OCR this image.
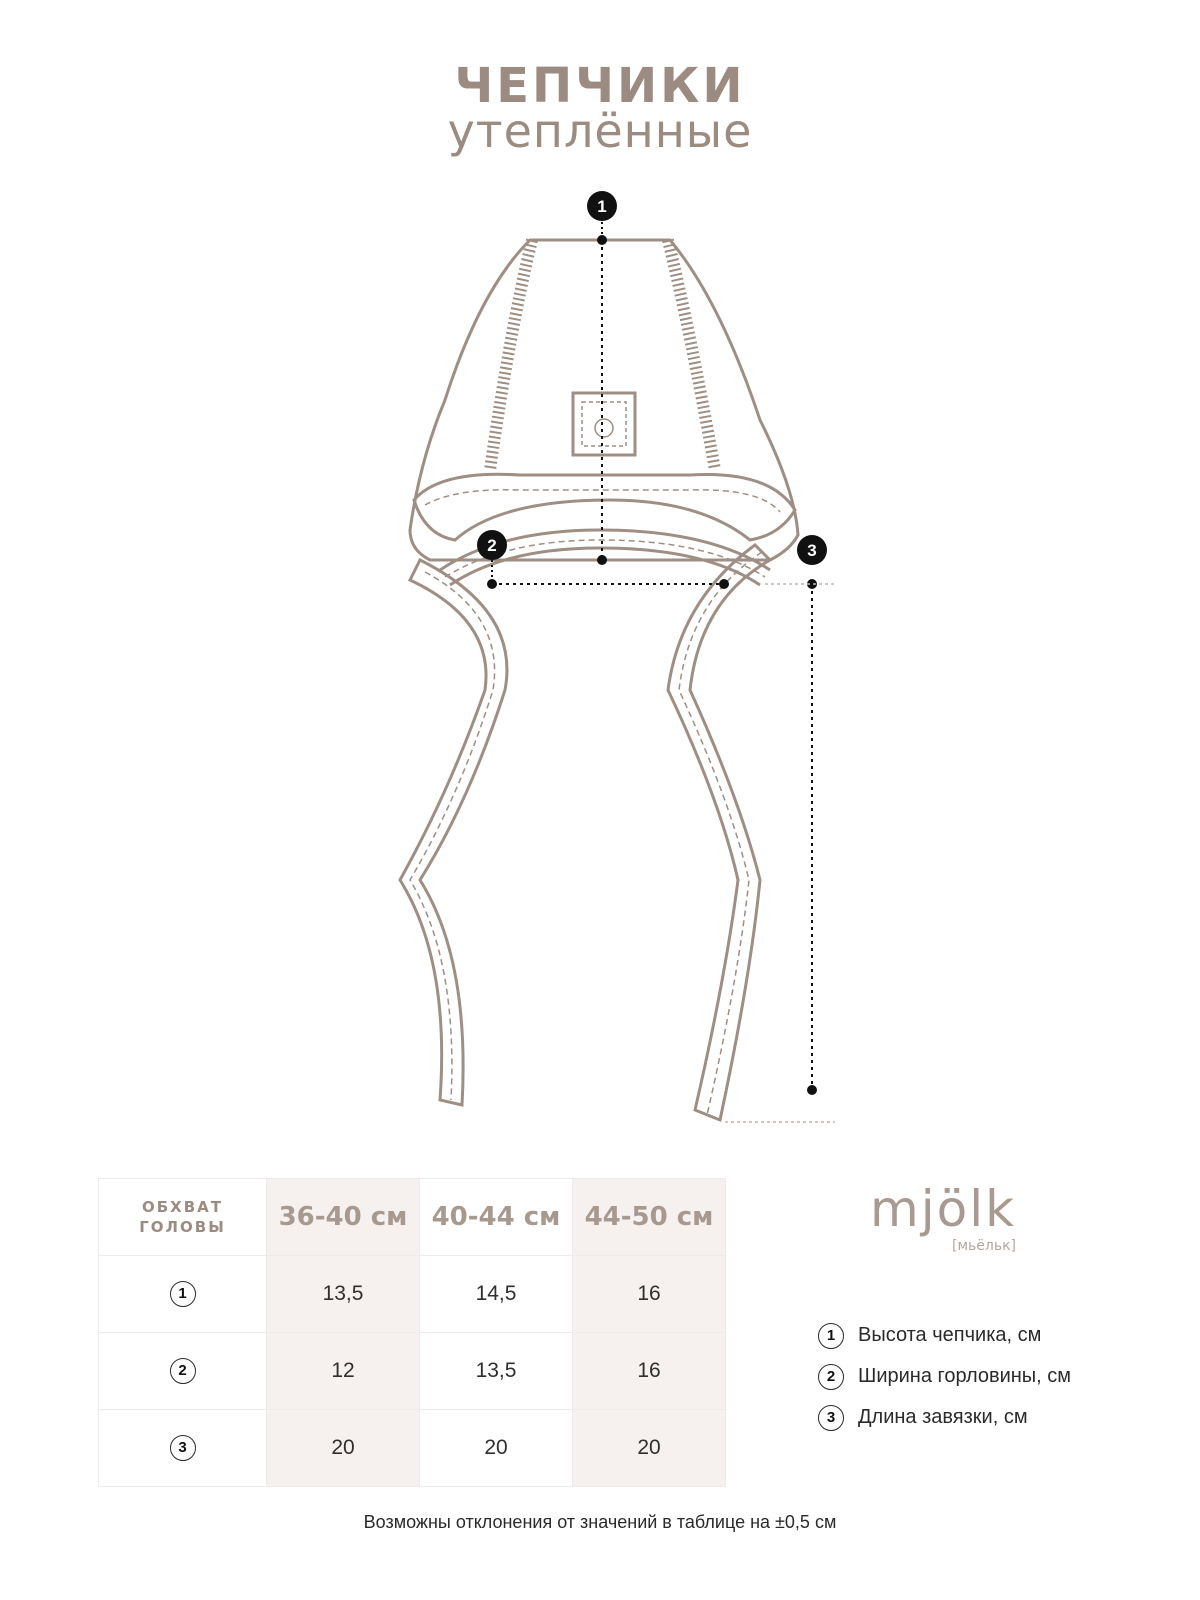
ЧЕПЧИКИ
утеплённые
1
2	3
ОБХВАТ
ГОЛОВЫ	36-40 см	40-44 см	44-50 см
1	13,5	14,5	16
2	12	13,5	16
3	20	20	20
mjölk
[мьёльк]
1	Высота чепчика, см
2	Ширина горловины, см
3	Длина завязки, см
Возможны отклонения от значений в таблице на ±0,5 см
